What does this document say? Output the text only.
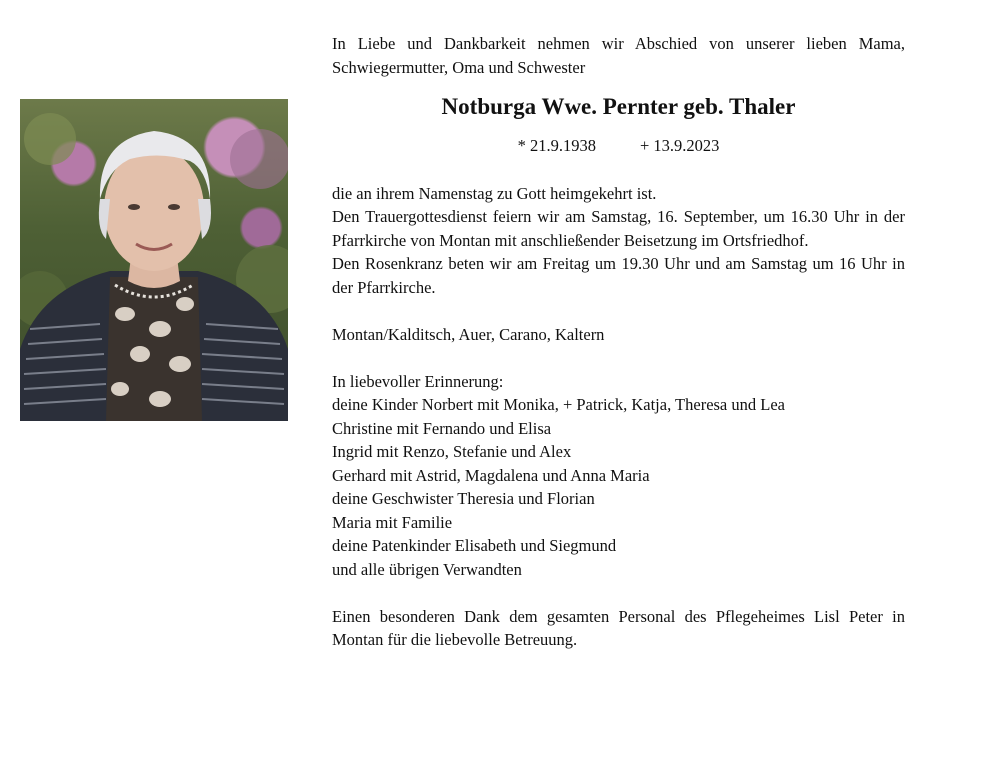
In Liebe und Dankbarkeit nehmen wir Abschied von unserer lieben Mama, Schwiegermutter, Oma und Schwester

Notburga Wwe. Pernter geb. Thaler

* 21.9.1938	+ 13.9.2023

die an ihrem Namenstag zu Gott heimgekehrt ist.

Den Trauergottesdienst feiern wir am Samstag, 16. September, um 16.30 Uhr in der Pfarrkirche von Montan mit anschließender Beisetzung im Ortsfriedhof.

Den Rosenkranz beten wir am Freitag um 19.30 Uhr und am Samstag um 16 Uhr in der Pfarrkirche.

Montan/Kalditsch, Auer, Carano, Kaltern

In liebevoller Erinnerung:

deine Kinder Norbert mit Monika, + Patrick, Katja, Theresa und Lea

Christine mit Fernando und Elisa

Ingrid mit Renzo, Stefanie und Alex

Gerhard mit Astrid, Magdalena und Anna Maria

deine Geschwister Theresia und Florian

Maria mit Familie

deine Patenkinder Elisabeth und Siegmund

und alle übrigen Verwandten

Einen besonderen Dank dem gesamten Personal des Pflegeheimes Lisl Peter in Montan für die liebevolle Betreuung.
